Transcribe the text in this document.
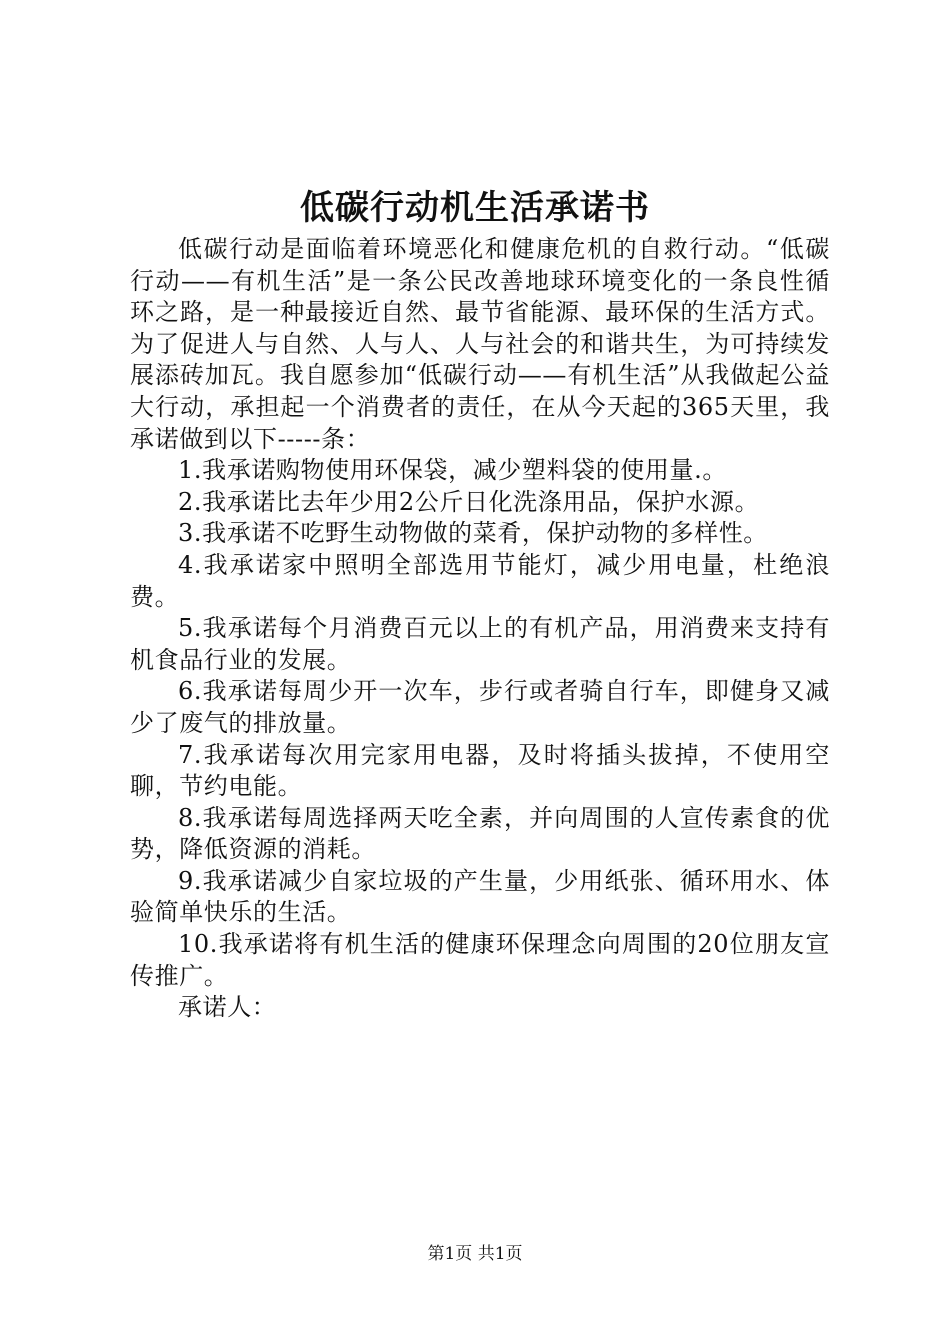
低碳行动机生活承诺书

低碳行动是面临着环境恶化和健康危机的自救行动。“低碳行动——有机生活”是一条公民改善地球环境变化的一条良性循环之路，是一种最接近自然、最节省能源、最环保的生活方式。为了促进人与自然、人与人、人与社会的和谐共生，为可持续发展添砖加瓦。我自愿参加“低碳行动——有机生活”从我做起公益大行动，承担起一个消费者的责任，在从今天起的365天里，我承诺做到以下-----条：

1.我承诺购物使用环保袋，减少塑料袋的使用量.。

2.我承诺比去年少用2公斤日化洗涤用品，保护水源。

3.我承诺不吃野生动物做的菜肴，保护动物的多样性。

4.我承诺家中照明全部选用节能灯，减少用电量，杜绝浪费。

5.我承诺每个月消费百元以上的有机产品，用消费来支持有机食品行业的发展。

6.我承诺每周少开一次车，步行或者骑自行车，即健身又减少了废气的排放量。

7.我承诺每次用完家用电器，及时将插头拔掉，不使用空聊，节约电能。

8.我承诺每周选择两天吃全素，并向周围的人宣传素食的优势，降低资源的消耗。

9.我承诺减少自家垃圾的产生量，少用纸张、循环用水、体验简单快乐的生活。

10.我承诺将有机生活的健康环保理念向周围的20位朋友宣传推广。

承诺人：

第1页 共1页
